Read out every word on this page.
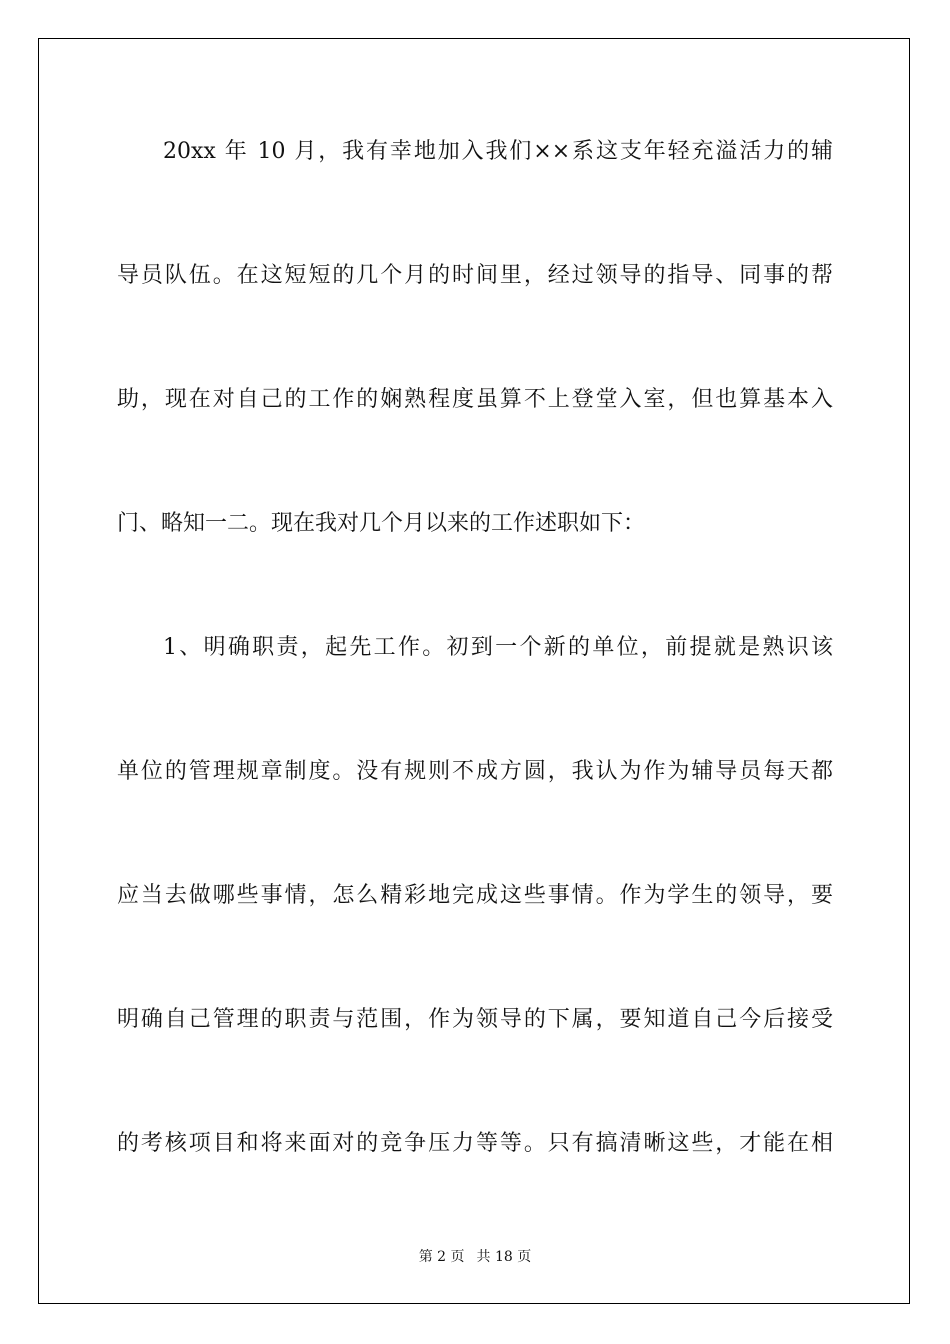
20xx 年 10 月，我有幸地加入我们××系这支年轻充溢活力的辅

导员队伍。在这短短的几个月的时间里，经过领导的指导、同事的帮

助，现在对自己的工作的娴熟程度虽算不上登堂入室，但也算基本入

门、略知一二。现在我对几个月以来的工作述职如下：

1、明确职责，起先工作。初到一个新的单位，前提就是熟识该

单位的管理规章制度。没有规则不成方圆，我认为作为辅导员每天都

应当去做哪些事情，怎么精彩地完成这些事情。作为学生的领导，要

明确自己管理的职责与范围，作为领导的下属，要知道自己今后接受

的考核项目和将来面对的竞争压力等等。只有搞清晰这些，才能在相

第 2 页 共 18 页
